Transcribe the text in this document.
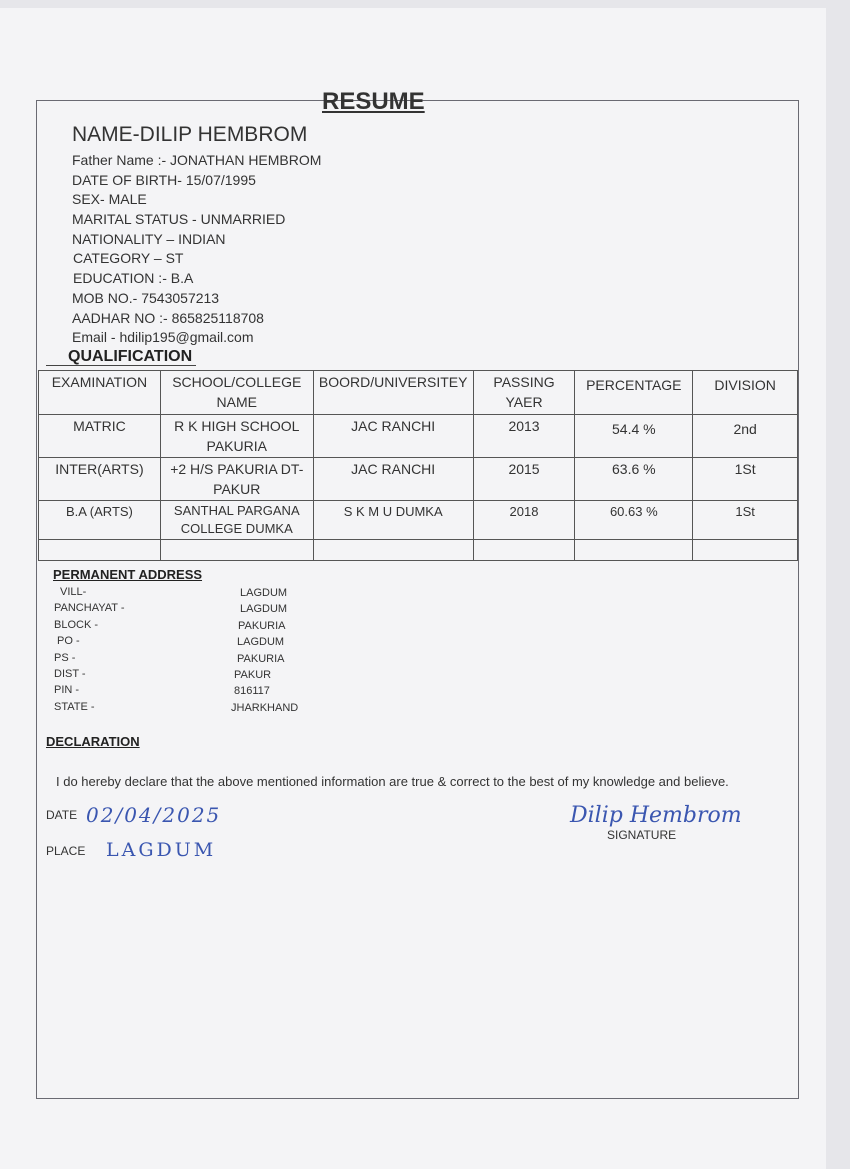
RESUME
NAME-DILIP HEMBROM
Father Name :- JONATHAN HEMBROM
DATE OF BIRTH- 15/07/1995
SEX- MALE
MARITAL STATUS - UNMARRIED
NATIONALITY – INDIAN
CATEGORY – ST
EDUCATION :- B.A
MOB NO.- 7543057213
AADHAR NO :- 865825118708
Email - hdilip195@gmail.com
QUALIFICATION
EXAMINATION	SCHOOL/COLLEGE NAME	BOORD/UNIVERSITEY	PASSING YAER	PERCENTAGE	DIVISION
MATRIC	R K HIGH SCHOOL PAKURIA	JAC RANCHI	2013	54.4 %	2nd
INTER(ARTS)	+2 H/S PAKURIA DT-PAKUR	JAC RANCHI	2015	63.6 %	1St
B.A (ARTS)	SANTHAL PARGANA COLLEGE DUMKA	S K M U DUMKA	2018	60.63 %	1St

PERMANENT ADDRESS
VILL-	LAGDUM
PANCHAYAT -	LAGDUM
BLOCK -	PAKURIA
PO -	LAGDUM
PS -	PAKURIA
DIST -	PAKUR
PIN -	816117
STATE -	JHARKHAND
DECLARATION
I do hereby declare that the above mentioned information are true & correct to the best of my knowledge and believe.
DATE 02/04/2025
PLACE LAGDUM
Dilip Hembrom
SIGNATURE
